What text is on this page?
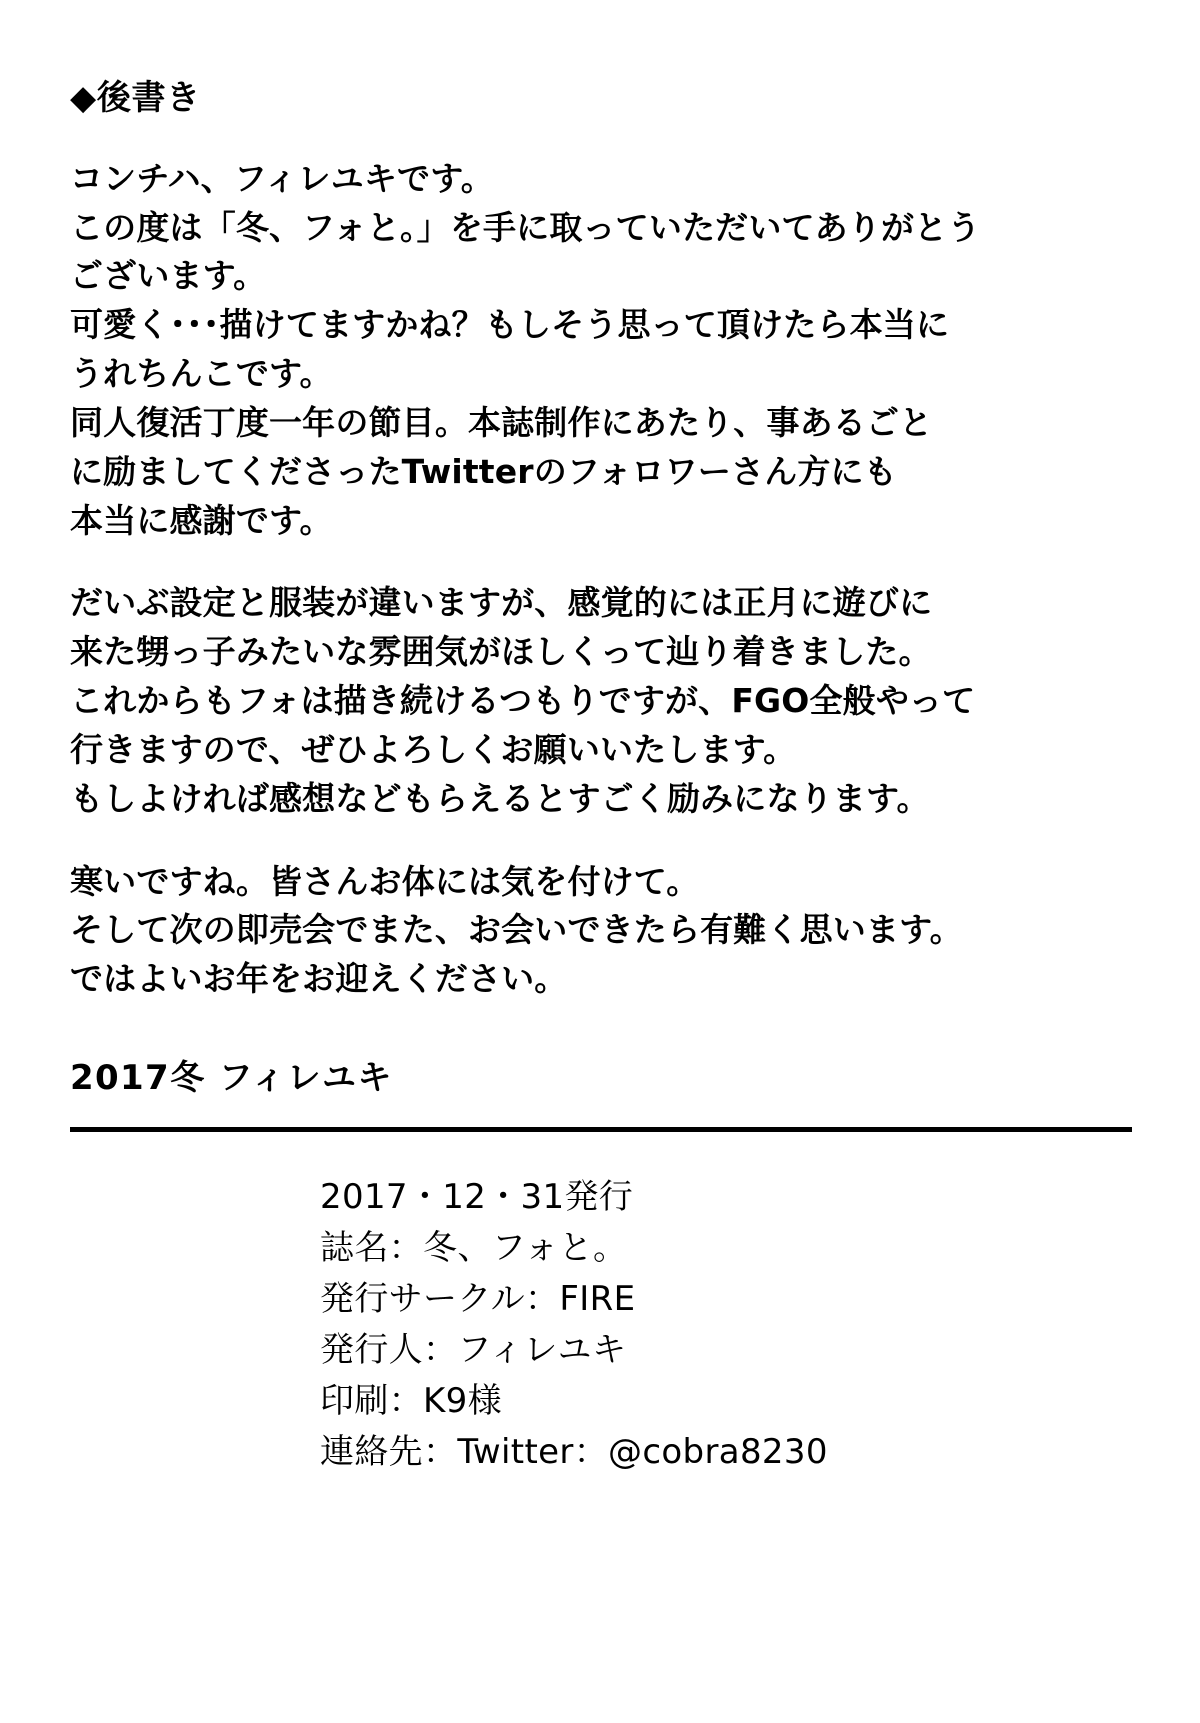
◆後書き
コンチハ、フィレユキです。
この度は「冬、フォと。」を手に取っていただいてありがとう
ございます。
可愛く･･･描けてますかね？もしそう思って頂けたら本当に
うれちんこです。
同人復活丁度一年の節目。本誌制作にあたり、事あるごと
に励ましてくださったTwitterのフォロワーさん方にも
本当に感謝です。
だいぶ設定と服装が違いますが、感覚的には正月に遊びに
来た甥っ子みたいな雰囲気がほしくって辿り着きました。
これからもフォは描き続けるつもりですが、FGO全般やって
行きますので、ぜひよろしくお願いいたします。
もしよければ感想などもらえるとすごく励みになります。
寒いですね。皆さんお体には気を付けて。
そして次の即売会でまた、お会いできたら有難く思います。
ではよいお年をお迎えください。
2017冬 フィレユキ
2017・12・31発行
誌名：冬、フォと。
発行サークル：FIRE
発行人：フィレユキ
印刷：K9様
連絡先：Twitter：@cobra8230
